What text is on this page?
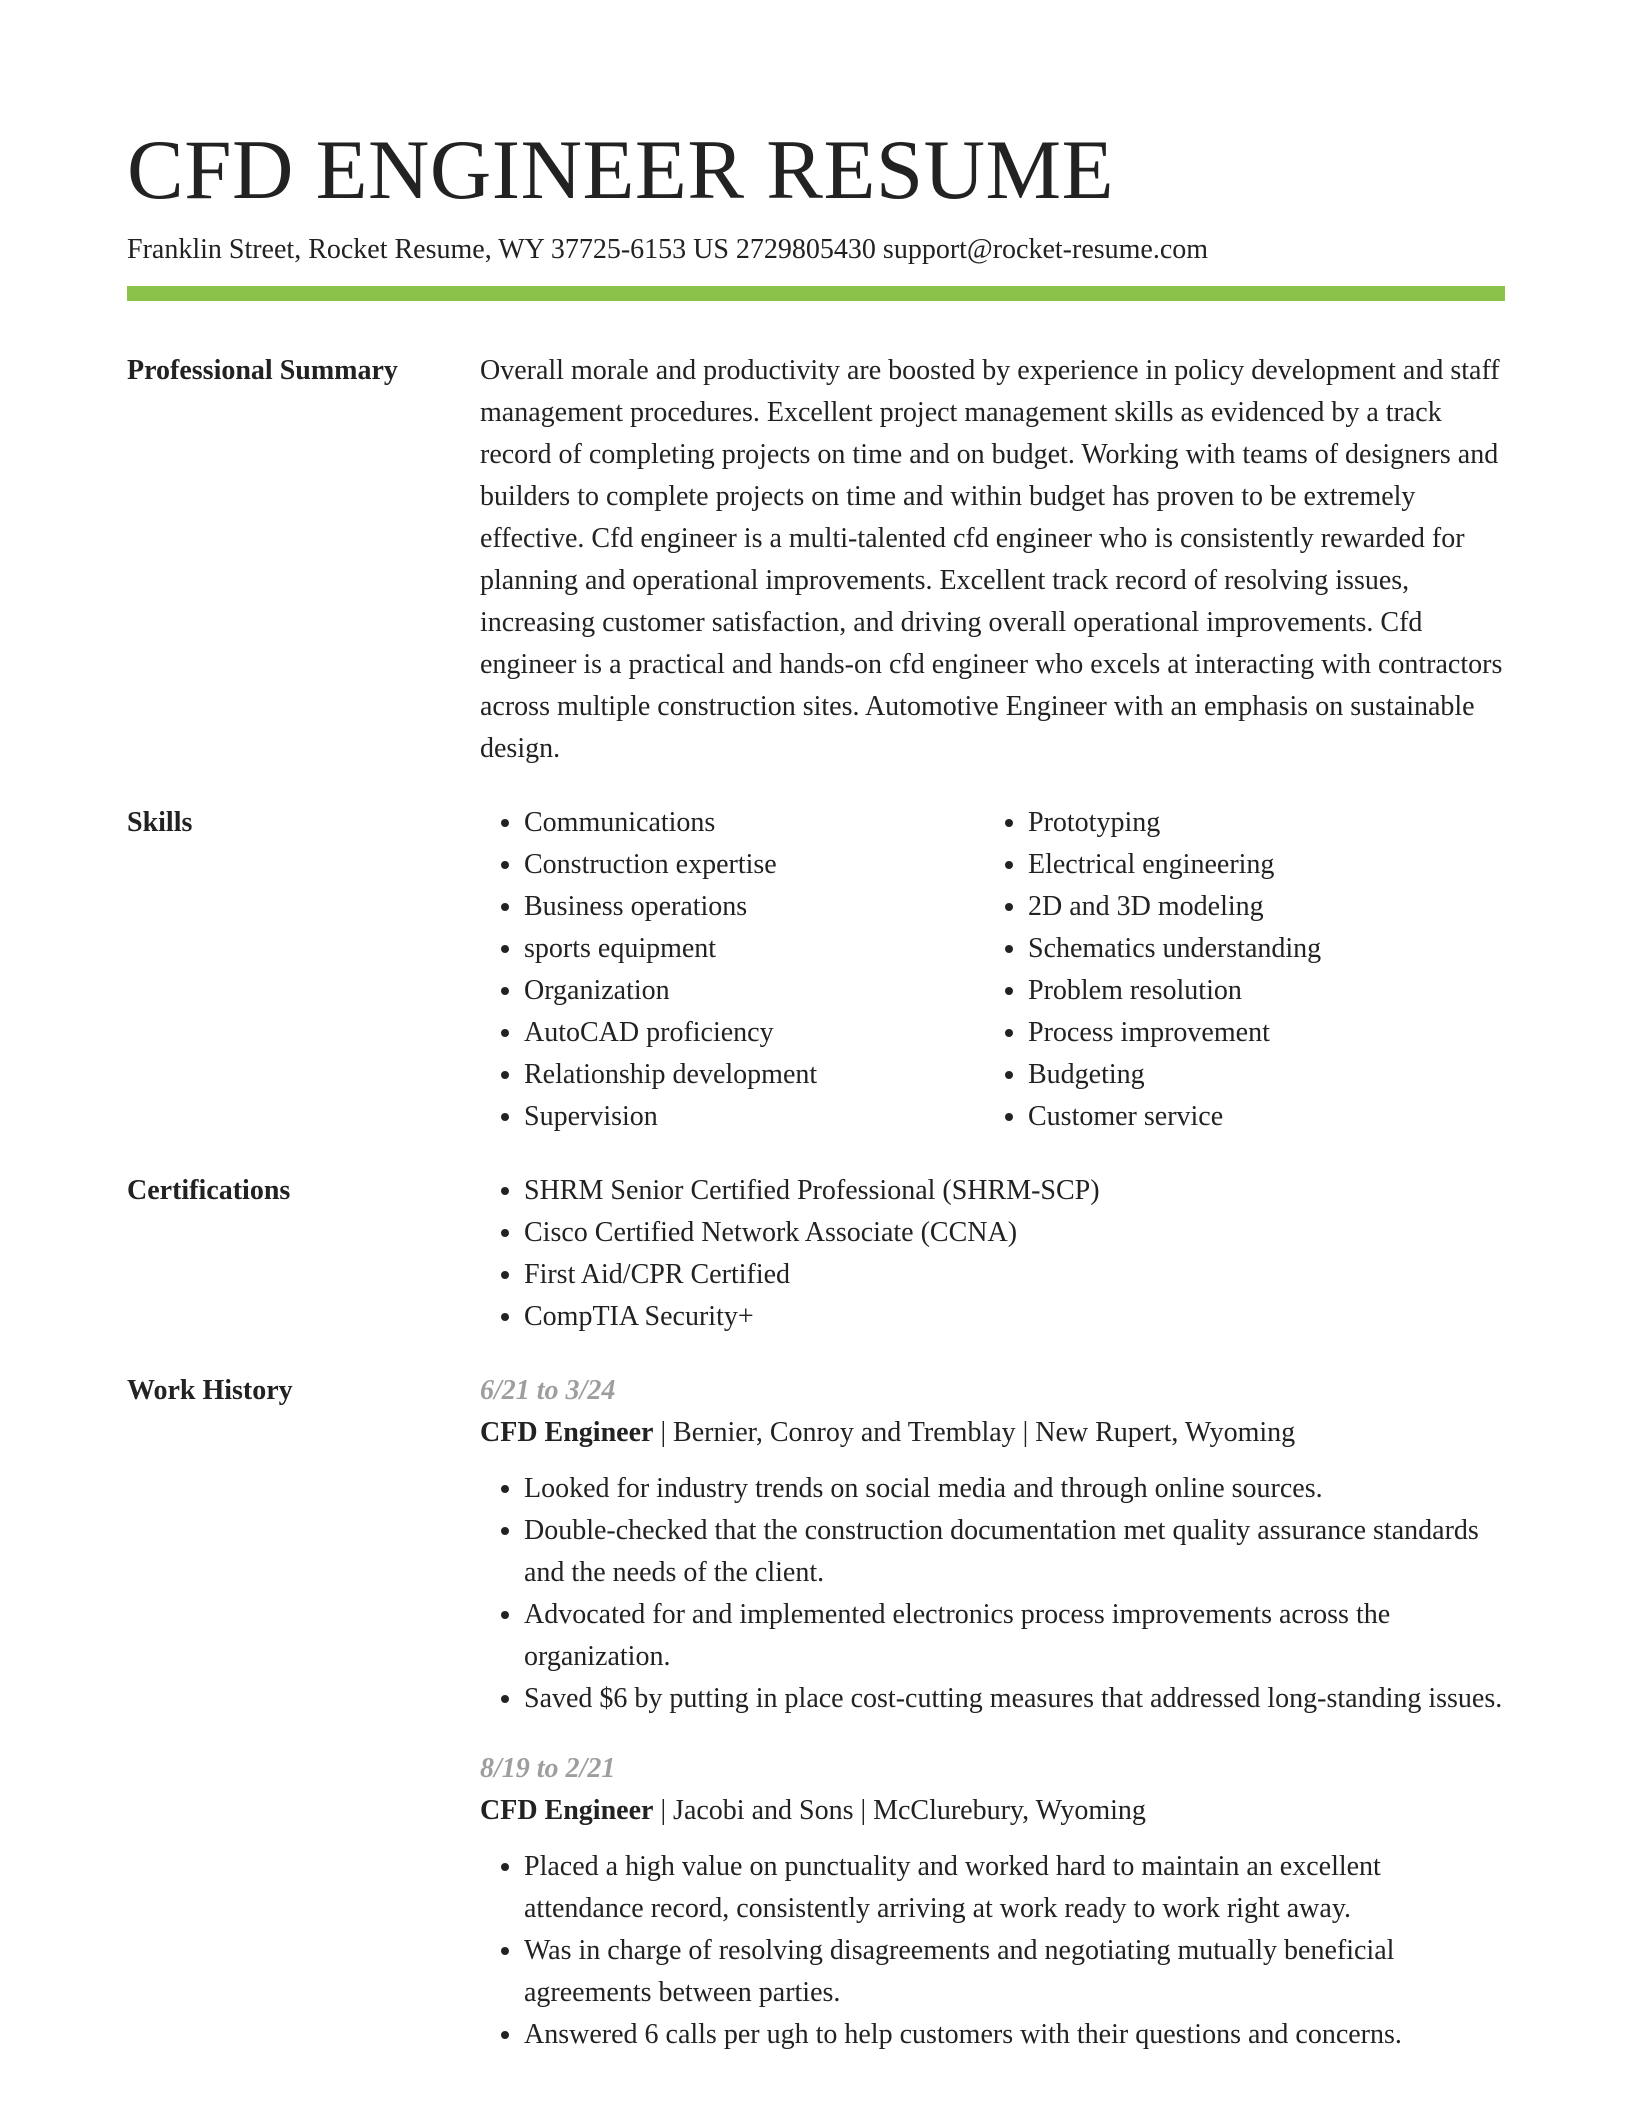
CFD ENGINEER RESUME
Franklin Street, Rocket Resume, WY 37725-6153 US 2729805430 support@rocket-resume.com
Professional Summary	Overall morale and productivity are boosted by experience in policy development and staff management procedures. Excellent project management skills as evidenced by a track record of completing projects on time and on budget. Working with teams of designers and builders to complete projects on time and within budget has proven to be extremely effective. Cfd engineer is a multi-talented cfd engineer who is consistently rewarded for planning and operational improvements. Excellent track record of resolving issues, increasing customer satisfaction, and driving overall operational improvements. Cfd engineer is a practical and hands-on cfd engineer who excels at interacting with contractors across multiple construction sites. Automotive Engineer with an emphasis on sustainable design.

Skills	• Communications
• Construction expertise
• Business operations
• sports equipment
• Organization
• AutoCAD proficiency
• Relationship development
• Supervision
• Prototyping
• Electrical engineering
• 2D and 3D modeling
• Schematics understanding
• Problem resolution
• Process improvement
• Budgeting
• Customer service
Certifications	• SHRM Senior Certified Professional (SHRM-SCP)
• Cisco Certified Network Associate (CCNA)
• First Aid/CPR Certified
• CompTIA Security+
Work History	6/21 to 3/24
CFD Engineer | Bernier, Conroy and Tremblay | New Rupert, Wyoming
• Looked for industry trends on social media and through online sources.
• Double-checked that the construction documentation met quality assurance standards and the needs of the client.
• Advocated for and implemented electronics process improvements across the organization.
• Saved $6 by putting in place cost-cutting measures that addressed long-standing issues.
8/19 to 2/21
CFD Engineer | Jacobi and Sons | McClurebury, Wyoming
• Placed a high value on punctuality and worked hard to maintain an excellent attendance record, consistently arriving at work ready to work right away.
• Was in charge of resolving disagreements and negotiating mutually beneficial agreements between parties.
• Answered 6 calls per ugh to help customers with their questions and concerns.
